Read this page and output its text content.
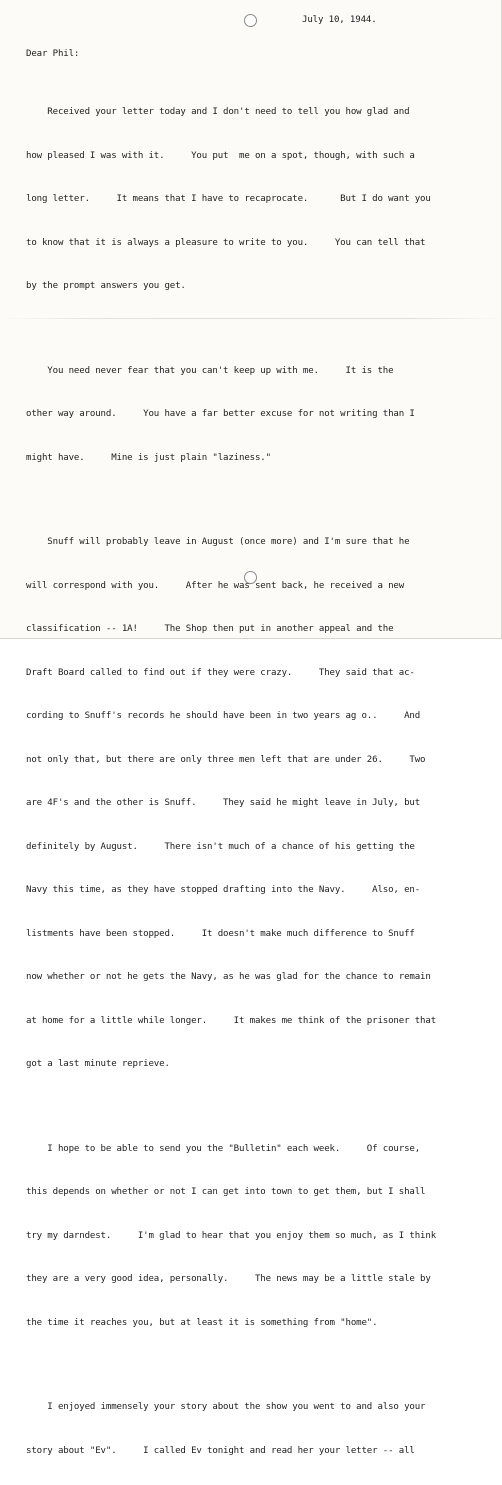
July 10, 1944.
Dear Phil:

Received your letter today and I don't need to tell you how glad and

how pleased I was with it.     You put  me on a spot, though, with such a

long letter.     It means that I have to recaprocate.      But I do want you

to know that it is always a pleasure to write to you.     You can tell that

by the prompt answers you get.

You need never fear that you can't keep up with me.     It is the

other way around.     You have a far better excuse for not writing than I

might have.     Mine is just plain "laziness."

Snuff will probably leave in August (once more) and I'm sure that he

will correspond with you.     After he was sent back, he received a new

classification -- 1A!     The Shop then put in another appeal and the

Draft Board called to find out if they were crazy.     They said that ac-

cording to Snuff's records he should have been in two years ag o..     And

not only that, but there are only three men left that are under 26.     Two

are 4F's and the other is Snuff.     They said he might leave in July, but

definitely by August.     There isn't much of a chance of his getting the

Navy this time, as they have stopped drafting into the Navy.     Also, en-

listments have been stopped.     It doesn't make much difference to Snuff

now whether or not he gets the Navy, as he was glad for the chance to remain

at home for a little while longer.     It makes me think of the prisoner that

got a last minute reprieve.

I hope to be able to send you the "Bulletin" each week.     Of course,

this depends on whether or not I can get into town to get them, but I shall

try my darndest.     I'm glad to hear that you enjoy them so much, as I think

they are a very good idea, personally.     The news may be a little stale by

the time it reaches you, but at least it is something from "home".

I enjoyed immensely your story about the show you went to and also your

story about "Ev".     I called Ev tonight and read her your letter -- all
